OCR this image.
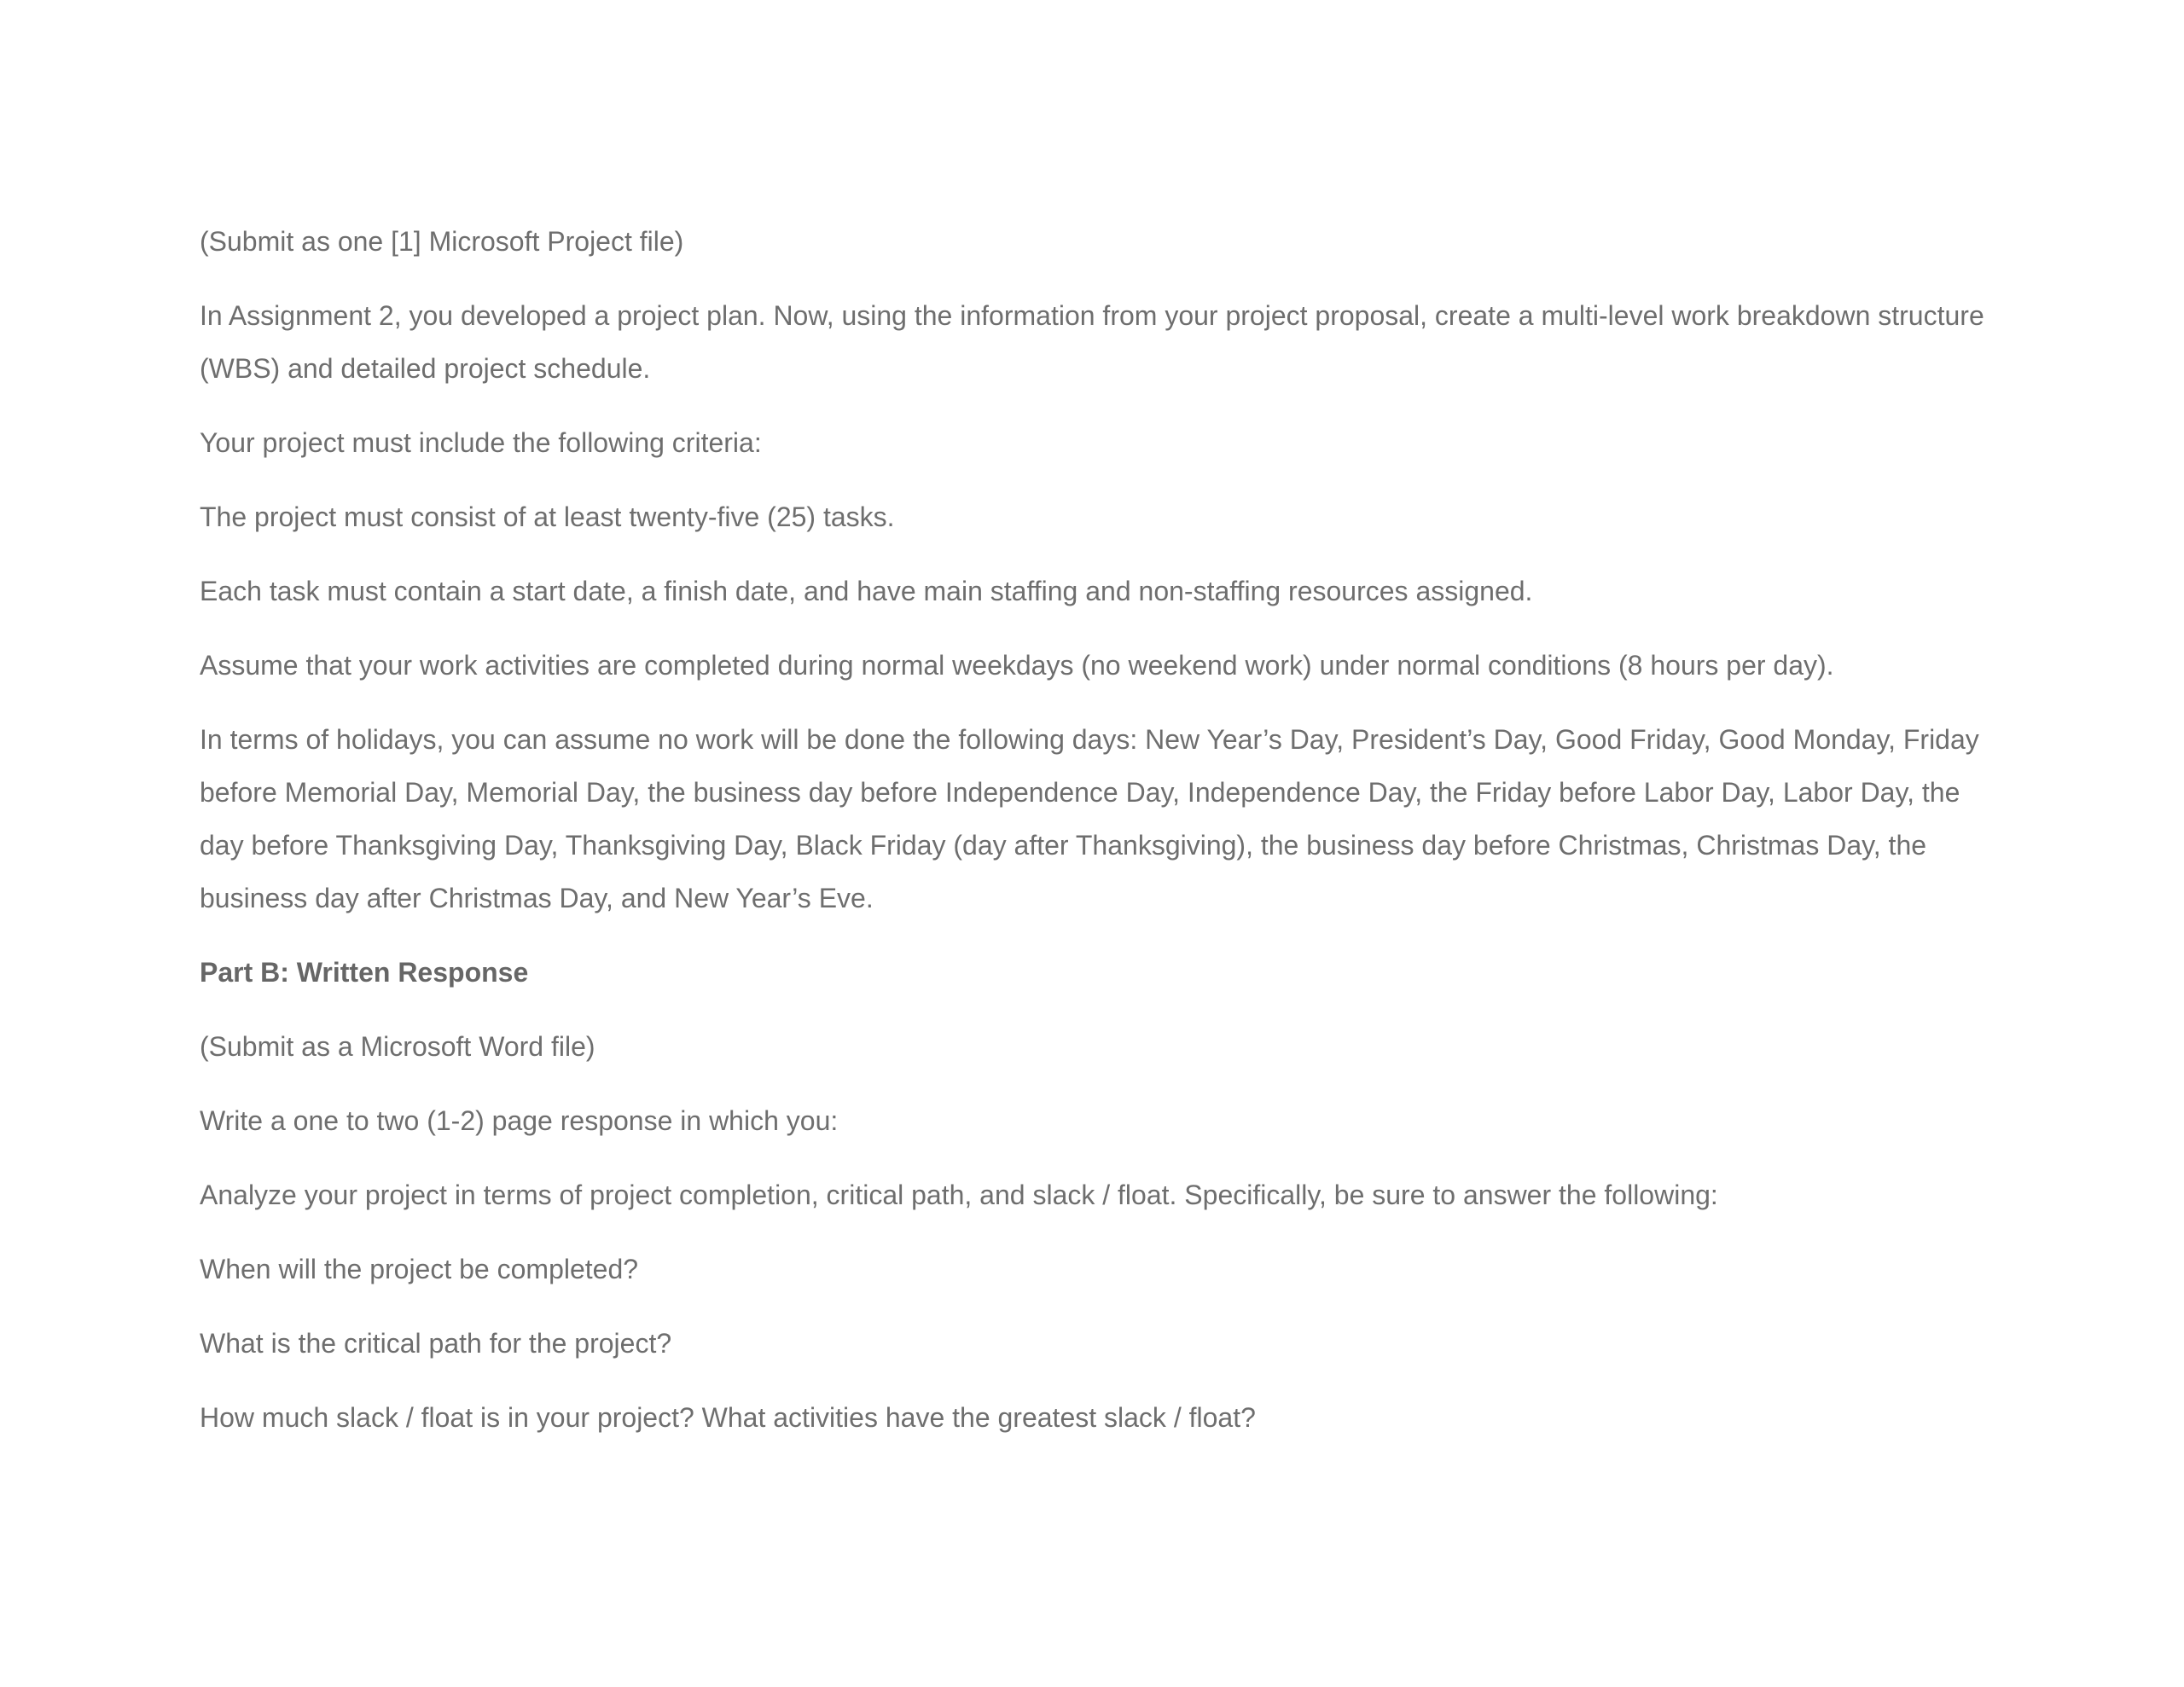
(Submit as one [1] Microsoft Project file)

In Assignment 2, you developed a project plan. Now, using the information from your project proposal, create a multi-level work breakdown structure (WBS) and detailed project schedule.

Your project must include the following criteria:

The project must consist of at least twenty-five (25) tasks.

Each task must contain a start date, a finish date, and have main staffing and non-staffing resources assigned.

Assume that your work activities are completed during normal weekdays (no weekend work) under normal conditions (8 hours per day).

In terms of holidays, you can assume no work will be done the following days: New Year’s Day, President’s Day, Good Friday, Good Monday, Friday before Memorial Day, Memorial Day, the business day before Independence Day, Independence Day, the Friday before Labor Day, Labor Day, the day before Thanksgiving Day, Thanksgiving Day, Black Friday (day after Thanksgiving), the business day before Christmas, Christmas Day, the business day after Christmas Day, and New Year’s Eve.

Part B: Written Response

(Submit as a Microsoft Word file)

Write a one to two (1-2) page response in which you:

Analyze your project in terms of project completion, critical path, and slack / float. Specifically, be sure to answer the following:

When will the project be completed?

What is the critical path for the project?

How much slack / float is in your project? What activities have the greatest slack / float?
